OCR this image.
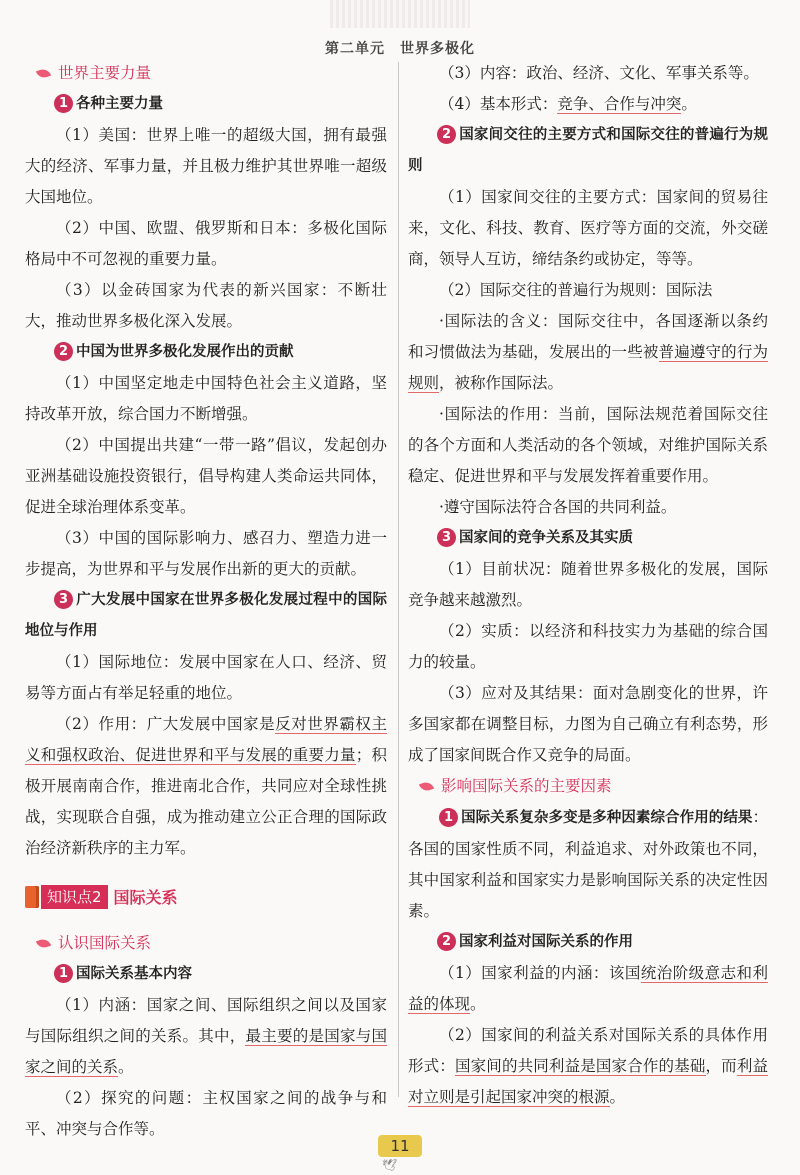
第二单元　世界多极化
世界主要力量
1 各种主要力量

（1）美国：世界上唯一的超级大国，拥有最强大的经济、军事力量，并且极力维护其世界唯一超级大国地位。

（2）中国、欧盟、俄罗斯和日本：多极化国际格局中不可忽视的重要力量。

（3）以金砖国家为代表的新兴国家：不断壮大，推动世界多极化深入发展。

2 中国为世界多极化发展作出的贡献

（1）中国坚定地走中国特色社会主义道路，坚持改革开放，综合国力不断增强。

（2）中国提出共建“一带一路”倡议，发起创办亚洲基础设施投资银行，倡导构建人类命运共同体，促进全球治理体系变革。

（3）中国的国际影响力、感召力、塑造力进一步提高，为世界和平与发展作出新的更大的贡献。

3 广大发展中国家在世界多极化发展过程中的国际地位与作用

（1）国际地位：发展中国家在人口、经济、贸易等方面占有举足轻重的地位。

（2）作用：广大发展中国家是反对世界霸权主义和强权政治、促进世界和平与发展的重要力量；积极开展南南合作，推进南北合作，共同应对全球性挑战，实现联合自强，成为推动建立公正合理的国际政治经济新秩序的主力军。

知识点2 国际关系
认识国际关系
1 国际关系基本内容

（1）内涵：国家之间、国际组织之间以及国家与国际组织之间的关系。其中，最主要的是国家与国家之间的关系。

（2）探究的问题：主权国家之间的战争与和平、冲突与合作等。

（3）内容：政治、经济、文化、军事关系等。

（4）基本形式：竞争、合作与冲突。

2 国家间交往的主要方式和国际交往的普遍行为规则

（1）国家间交往的主要方式：国家间的贸易往来，文化、科技、教育、医疗等方面的交流，外交磋商，领导人互访，缔结条约或协定，等等。

（2）国际交往的普遍行为规则：国际法

·国际法的含义：国际交往中，各国逐渐以条约和习惯做法为基础，发展出的一些被普遍遵守的行为规则，被称作国际法。

·国际法的作用：当前，国际法规范着国际交往的各个方面和人类活动的各个领域，对维护国际关系稳定、促进世界和平与发展发挥着重要作用。

·遵守国际法符合各国的共同利益。

3 国家间的竞争关系及其实质

（1）目前状况：随着世界多极化的发展，国际竞争越来越激烈。

（2）实质：以经济和科技实力为基础的综合国力的较量。

（3）应对及其结果：面对急剧变化的世界，许多国家都在调整目标，力图为自己确立有利态势，形成了国家间既合作又竞争的局面。

影响国际关系的主要因素

1 国际关系复杂多变是多种因素综合作用的结果：各国的国家性质不同，利益追求、对外政策也不同，其中国家利益和国家实力是影响国际关系的决定性因素。

2 国家利益对国际关系的作用

（1）国家利益的内涵：该国统治阶级意志和利益的体现。

（2）国家间的利益关系对国际关系的具体作用形式：国家间的共同利益是国家合作的基础，而利益对立则是引起国家冲突的根源。

11
🕊
